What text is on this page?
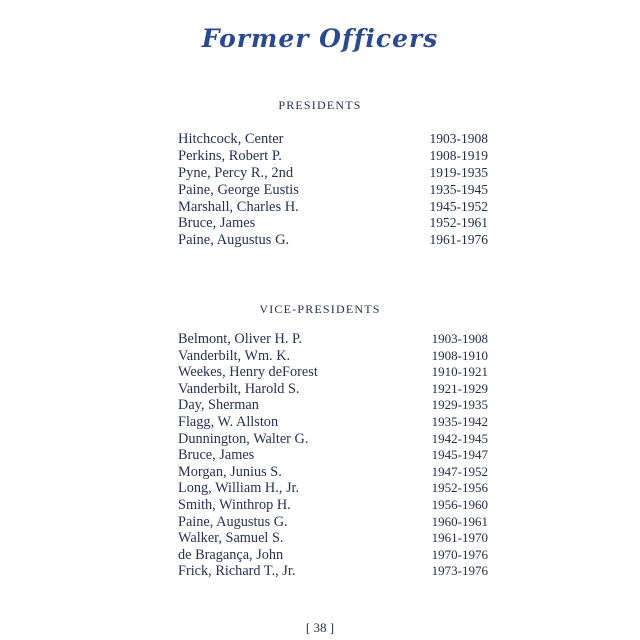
Former Officers
PRESIDENTS
Hitchcock, Center	1903-1908
Perkins, Robert P.	1908-1919
Pyne, Percy R., 2nd	1919-1935
Paine, George Eustis	1935-1945
Marshall, Charles H.	1945-1952
Bruce, James	1952-1961
Paine, Augustus G.	1961-1976
VICE-PRESIDENTS
Belmont, Oliver H. P.	1903-1908
Vanderbilt, Wm. K.	1908-1910
Weekes, Henry deForest	1910-1921
Vanderbilt, Harold S.	1921-1929
Day, Sherman	1929-1935
Flagg, W. Allston	1935-1942
Dunnington, Walter G.	1942-1945
Bruce, James	1945-1947
Morgan, Junius S.	1947-1952
Long, William H., Jr.	1952-1956
Smith, Winthrop H.	1956-1960
Paine, Augustus G.	1960-1961
Walker, Samuel S.	1961-1970
de Bragança, John	1970-1976
Frick, Richard T., Jr.	1973-1976
[ 38 ]
